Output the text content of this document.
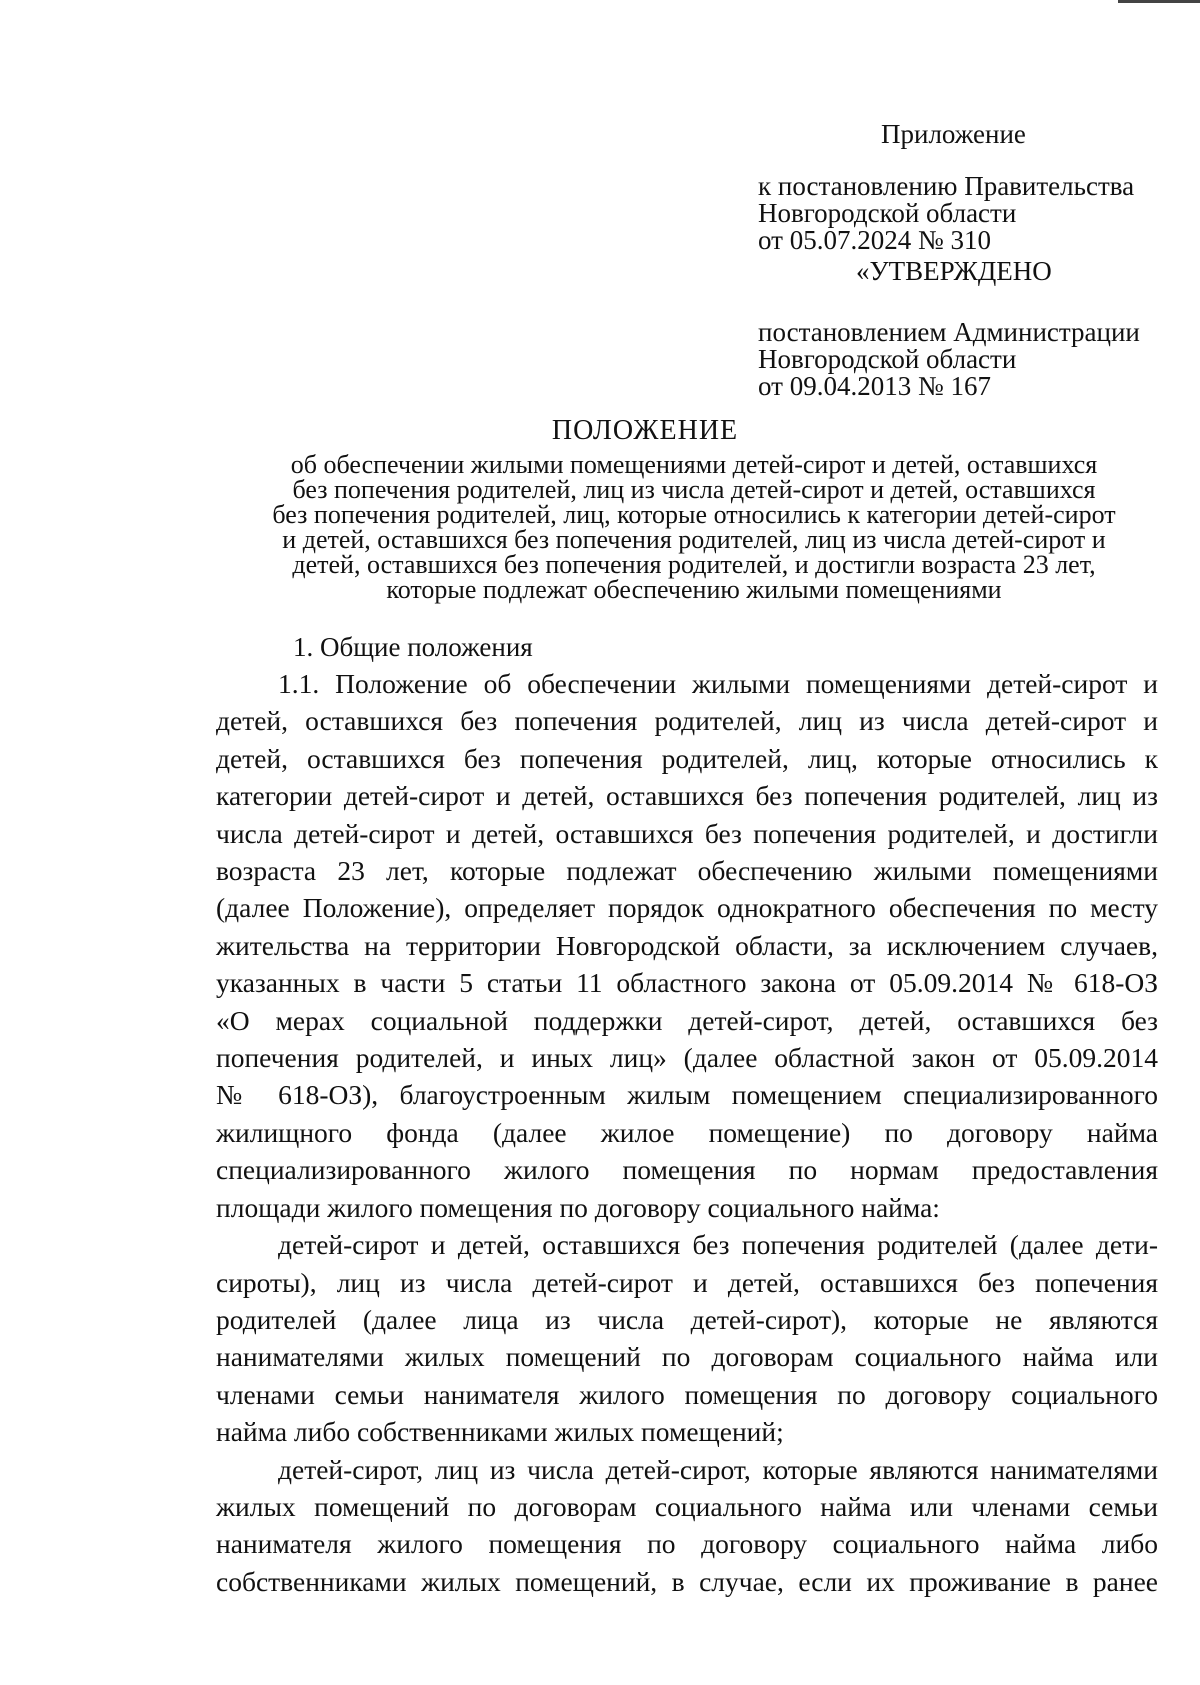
Приложение
к постановлению Правительства
Новгородской области
от 05.07.2024 № 310
«УТВЕРЖДЕНО
постановлением Администрации
Новгородской области
от 09.04.2013 № 167
ПОЛОЖЕНИЕ
об обеспечении жилыми помещениями детей-сирот и детей, оставшихся
без попечения родителей, лиц из числа детей-сирот и детей, оставшихся
без попечения родителей, лиц, которые относились к категории детей-сирот
и детей, оставшихся без попечения родителей, лиц из числа детей-сирот и
детей, оставшихся без попечения родителей, и достигли возраста 23 лет,
которые подлежат обеспечению жилыми помещениями
1. Общие положения
1.1. Положение об обеспечении жилыми помещениями детей-сирот и
детей, оставшихся без попечения родителей, лиц из числа детей-сирот и
детей, оставшихся без попечения родителей, лиц, которые относились к
категории детей-сирот и детей, оставшихся без попечения родителей, лиц из
числа детей-сирот и детей, оставшихся без попечения родителей, и достигли
возраста 23 лет, которые подлежат обеспечению жилыми помещениями
(далее Положение), определяет порядок однократного обеспечения по месту
жительства на территории Новгородской области, за исключением случаев,
указанных в части 5 статьи 11 областного закона от 05.09.2014 № 618-ОЗ
«О мерах социальной поддержки детей-сирот, детей, оставшихся без
попечения родителей, и иных лиц» (далее областной закон от 05.09.2014
№ 618-ОЗ), благоустроенным жилым помещением специализированного
жилищного фонда (далее жилое помещение) по договору найма
специализированного жилого помещения по нормам предоставления
площади жилого помещения по договору социального найма:
детей-сирот и детей, оставшихся без попечения родителей (далее дети-
сироты), лиц из числа детей-сирот и детей, оставшихся без попечения
родителей (далее лица из числа детей-сирот), которые не являются
нанимателями жилых помещений по договорам социального найма или
членами семьи нанимателя жилого помещения по договору социального
найма либо собственниками жилых помещений;
детей-сирот, лиц из числа детей-сирот, которые являются нанимателями
жилых помещений по договорам социального найма или членами семьи
нанимателя жилого помещения по договору социального найма либо
собственниками жилых помещений, в случае, если их проживание в ранее
